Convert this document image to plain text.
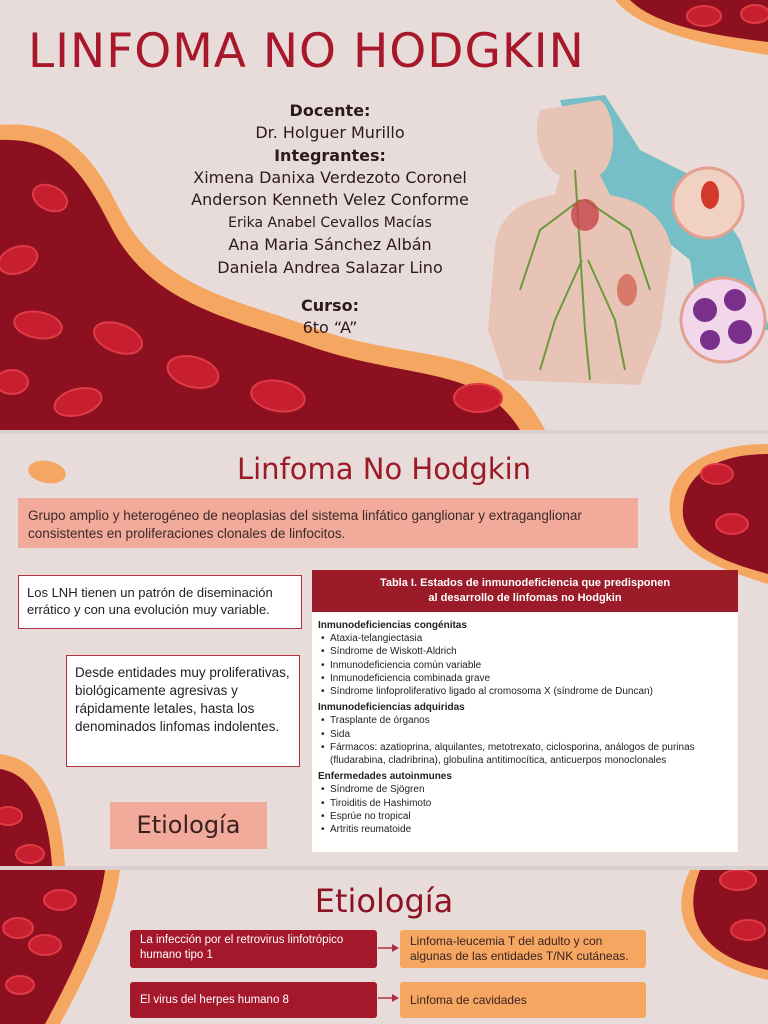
LINFOMA NO HODGKIN
Docente:
Dr. Holguer Murillo
Integrantes:
Ximena Danixa Verdezoto Coronel
Anderson Kenneth Velez Conforme
Erika Anabel Cevallos Macías
Ana Maria Sánchez Albán
Daniela Andrea Salazar Lino
Curso:
6to “A”
Linfoma No Hodgkin
Grupo amplio y heterogéneo de neoplasias del sistema linfático ganglionar y extraganglionar consistentes en proliferaciones clonales de linfocitos.
Los LNH tienen un patrón de diseminación errático y con una evolución muy variable.
Desde entidades muy proliferativas, biológicamente agresivas y rápidamente letales, hasta los denominados linfomas indolentes.
Etiología
Tabla I. Estados de inmunodeficiencia que predisponen
al desarrollo de linfomas no Hodgkin
Inmunodeficiencias congénitas
• Ataxia-telangiectasia
• Síndrome de Wiskott-Aldrich
• Inmunodeficiencia común variable
• Inmunodeficiencia combinada grave
• Síndrome linfoproliferativo ligado al cromosoma X (síndrome de Duncan)
Inmunodeficiencias adquiridas
• Trasplante de órganos
• Sida
• Fármacos: azatioprina, alquilantes, metotrexato, ciclosporina, análogos de purinas (fludarabina, cladribrina), globulina antitimocítica, anticuerpos monoclonales
Enfermedades autoinmunes
• Síndrome de Sjögren
• Tiroiditis de Hashimoto
• Esprúe no tropical
• Artritis reumatoide
Etiología
La infección por el retrovirus linfotrópico humano tipo 1
Linfoma-leucemia T del adulto y con algunas de las entidades T/NK cutáneas.
El virus del herpes humano 8	Linfoma de cavidades
